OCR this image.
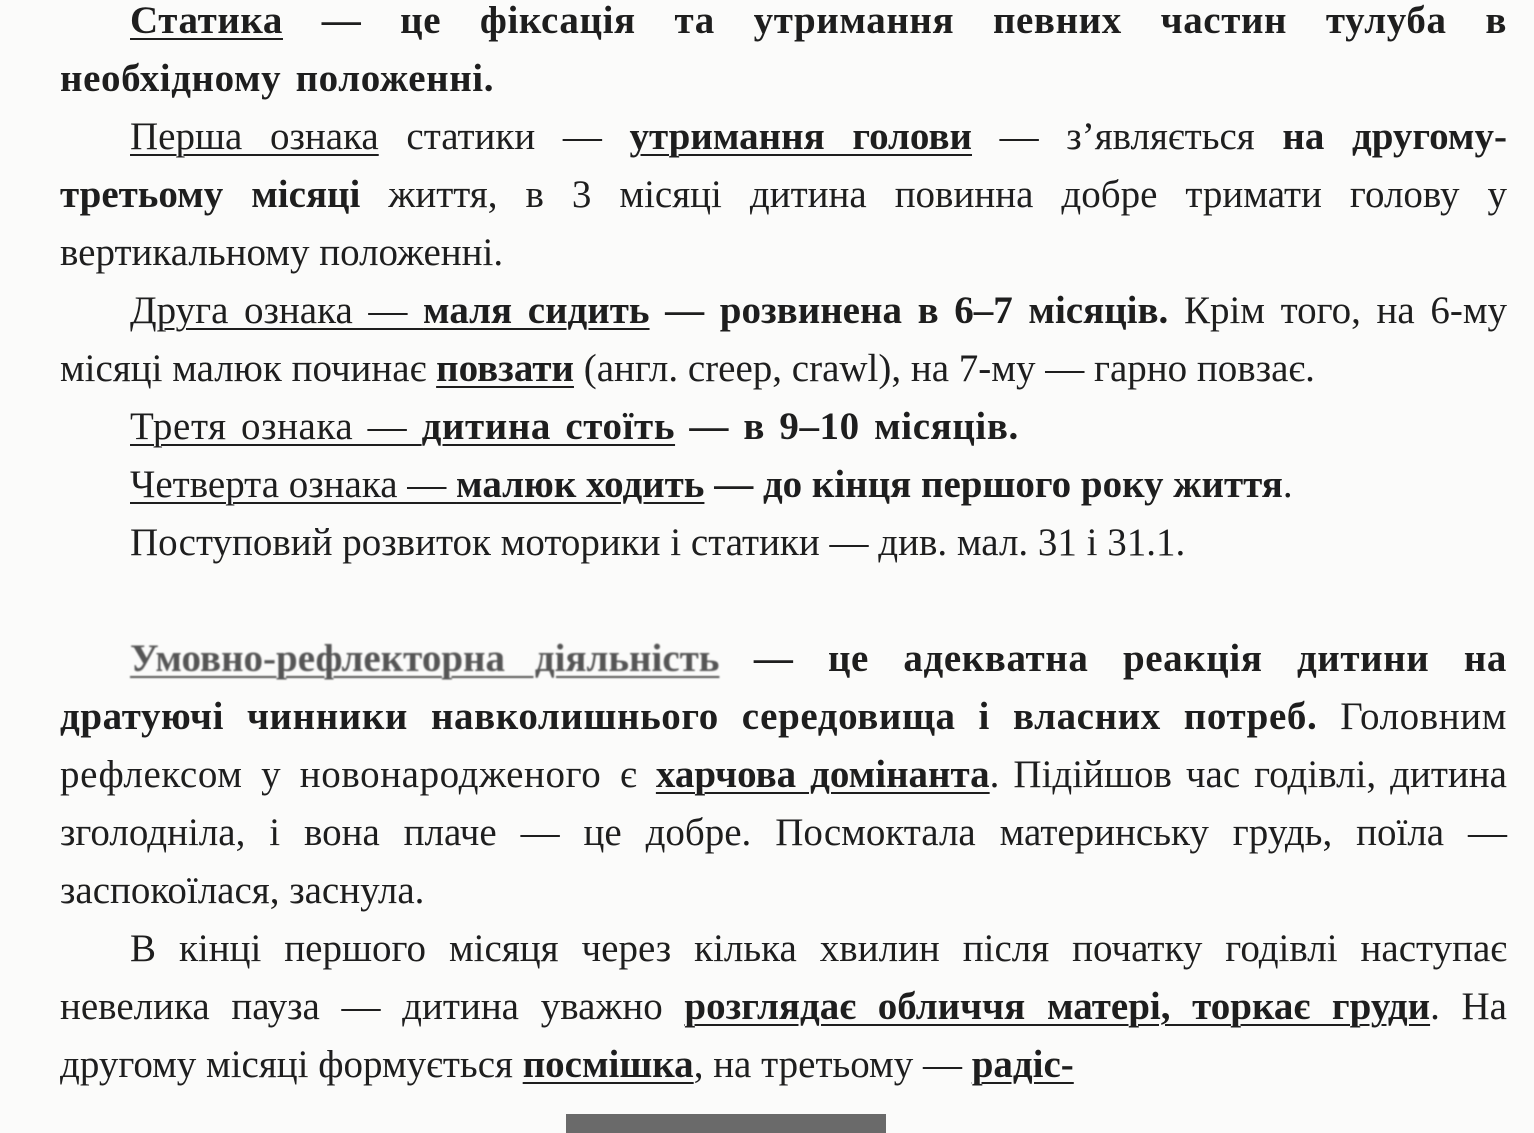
Статика — це фіксація та утримання певних частин тулуба в необхідному положенні.

Перша ознака статики — утримання голови — з’являється на другому-третьому місяці життя, в 3 місяці дитина повинна добре тримати голову у вертикальному положенні.

Друга ознака — маля сидить — розвинена в 6–7 місяців. Крім того, на 6-му місяці малюк починає повзати (англ. creep, crawl), на 7-му — гарно повзає.

Третя ознака — дитина стоїть — в 9–10 місяців.

Четверта ознака — малюк ходить — до кінця першого року життя.

Поступовий розвиток моторики і статики — див. мал. 31 і 31.1.

Умовно-рефлекторна діяльність — це адекватна реакція дитини на дратуючі чинники навколишнього середовища і власних потреб. Головним рефлексом у новонародженого є харчова домінанта. Підійшов час годівлі, дитина зголодніла, і вона плаче — це добре. Посмоктала материнську грудь, поїла — заспокоїлася, заснула.

В кінці першого місяця через кілька хвилин після початку годівлі наступає невелика пауза — дитина уважно розглядає обличчя матері, торкає груди. На другому місяці формується посмішка, на третьому — радіс-
